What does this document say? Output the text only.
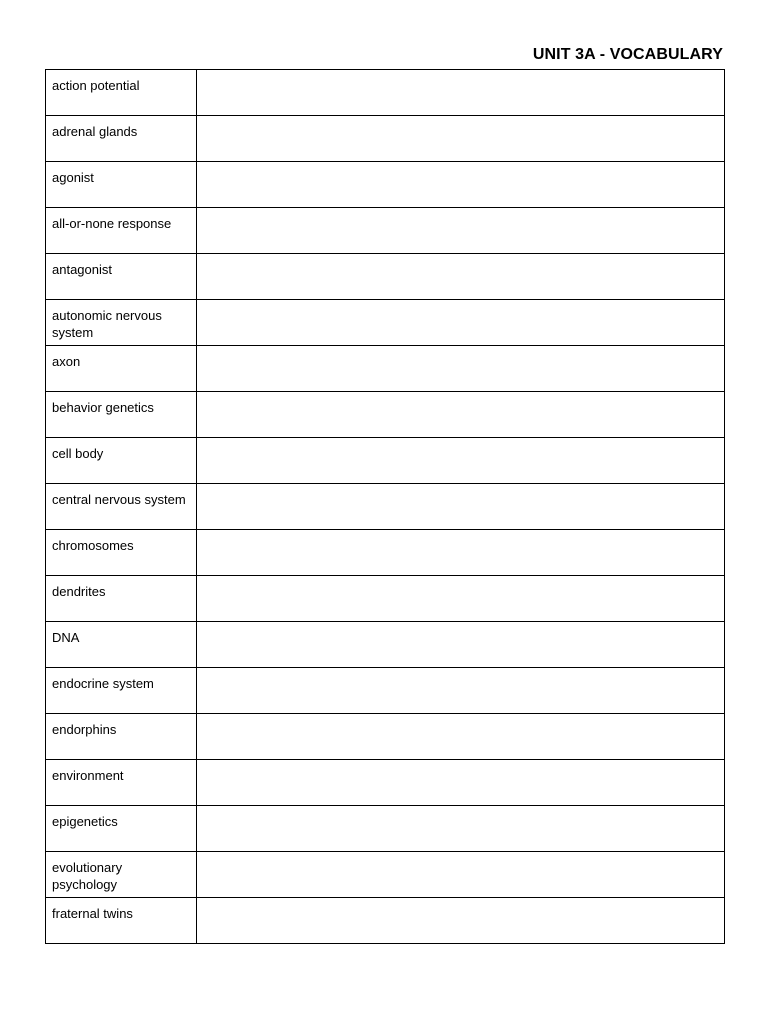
UNIT 3A - VOCABULARY
action potential	
adrenal glands	
agonist	
all-or-none response	
antagonist	
autonomic nervous system	
axon	
behavior genetics	
cell body	
central nervous system	
chromosomes	
dendrites	
DNA	
endocrine system	
endorphins	
environment	
epigenetics	
evolutionary psychology	
fraternal twins	
